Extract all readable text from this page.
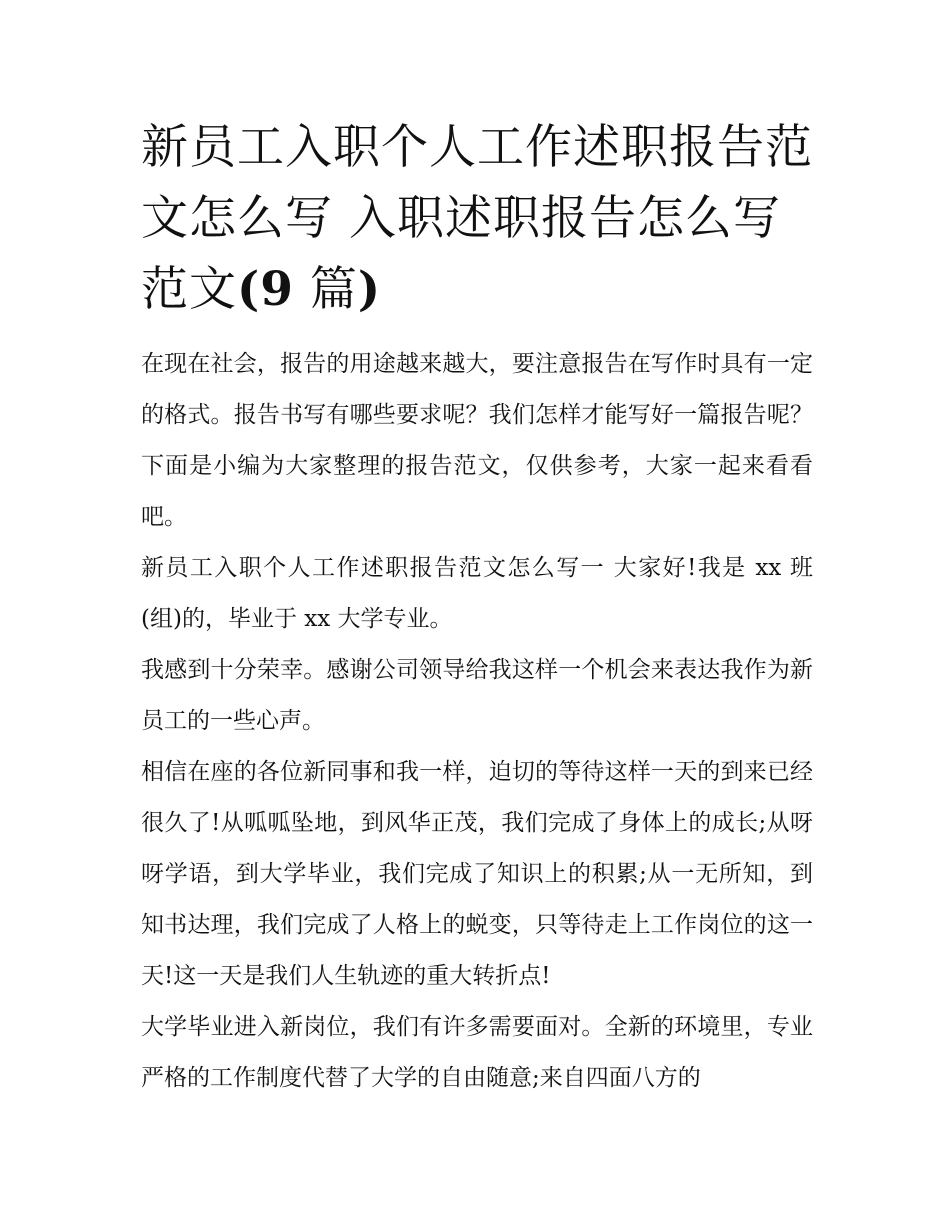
新员工入职个人工作述职报告范文怎么写 入职述职报告怎么写 范文(9 篇)

在现在社会，报告的用途越来越大，要注意报告在写作时具有一定的格式。报告书写有哪些要求呢？我们怎样才能写好一篇报告呢？下面是小编为大家整理的报告范文，仅供参考，大家一起来看看吧。

新员工入职个人工作述职报告范文怎么写一 大家好!我是 xx 班(组)的，毕业于 xx 大学专业。

我感到十分荣幸。感谢公司领导给我这样一个机会来表达我作为新员工的一些心声。

相信在座的各位新同事和我一样，迫切的等待这样一天的到来已经很久了!从呱呱坠地，到风华正茂，我们完成了身体上的成长;从呀呀学语，到大学毕业，我们完成了知识上的积累;从一无所知，到知书达理，我们完成了人格上的蜕变，只等待走上工作岗位的这一天!这一天是我们人生轨迹的重大转折点!

大学毕业进入新岗位，我们有许多需要面对。全新的环境里，专业严格的工作制度代替了大学的自由随意;来自四面八方的
